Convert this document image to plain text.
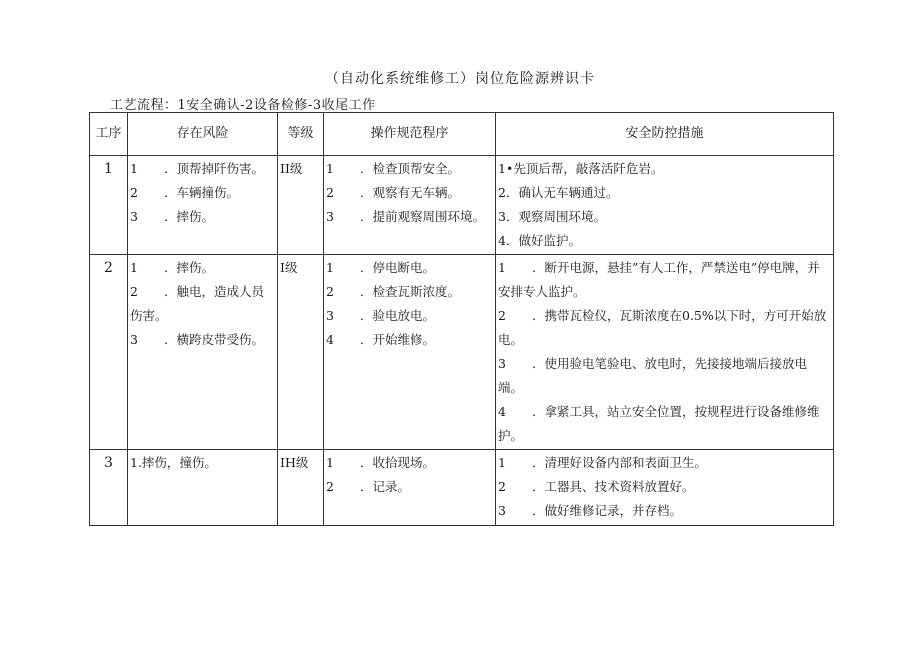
（自动化系统维修工）岗位危险源辨识卡
工艺流程：1安全确认-2设备检修-3收尾工作
工序	存在风险	等级	操作规范程序	安全防控措施
1	1 ．顶帮掉阡伤害。
2 ．车辆撞伤。
3 ．摔伤。	II级	1 ．检查顶帮安全。
2 ．观察有无车辆。
3 ．提前观察周围环境。	1•先顶后帮，敲落活阡危岩。
2．确认无车辆通过。
3．观察周围环境。
4．做好监护。

2	1 ．摔伤。
2 ．触电，造成人员伤害。
3 ．横跨皮带受伤。	I级	1 ．停电断电。
2 ．检查瓦斯浓度。
3 ．验电放电。
4 ．开始维修。	1 ．断开电源，悬挂”有人工作，严禁送电”停电牌，并安排专人监护。
2 ．携带瓦检仪，瓦斯浓度在0.5%以下时，方可开始放电。
3 ．使用验电笔验电、放电时，先接接地端后接放电端。
4 ．拿紧工具，站立安全位置，按规程进行设备维修维护。

3	1.摔伤，撞伤。	IH级	1 ．收拾现场。
2 ．记录。	1 ．清理好设备内部和表面卫生。
2 ．工器具、技术资料放置好。
3 ．做好维修记录，并存档。
